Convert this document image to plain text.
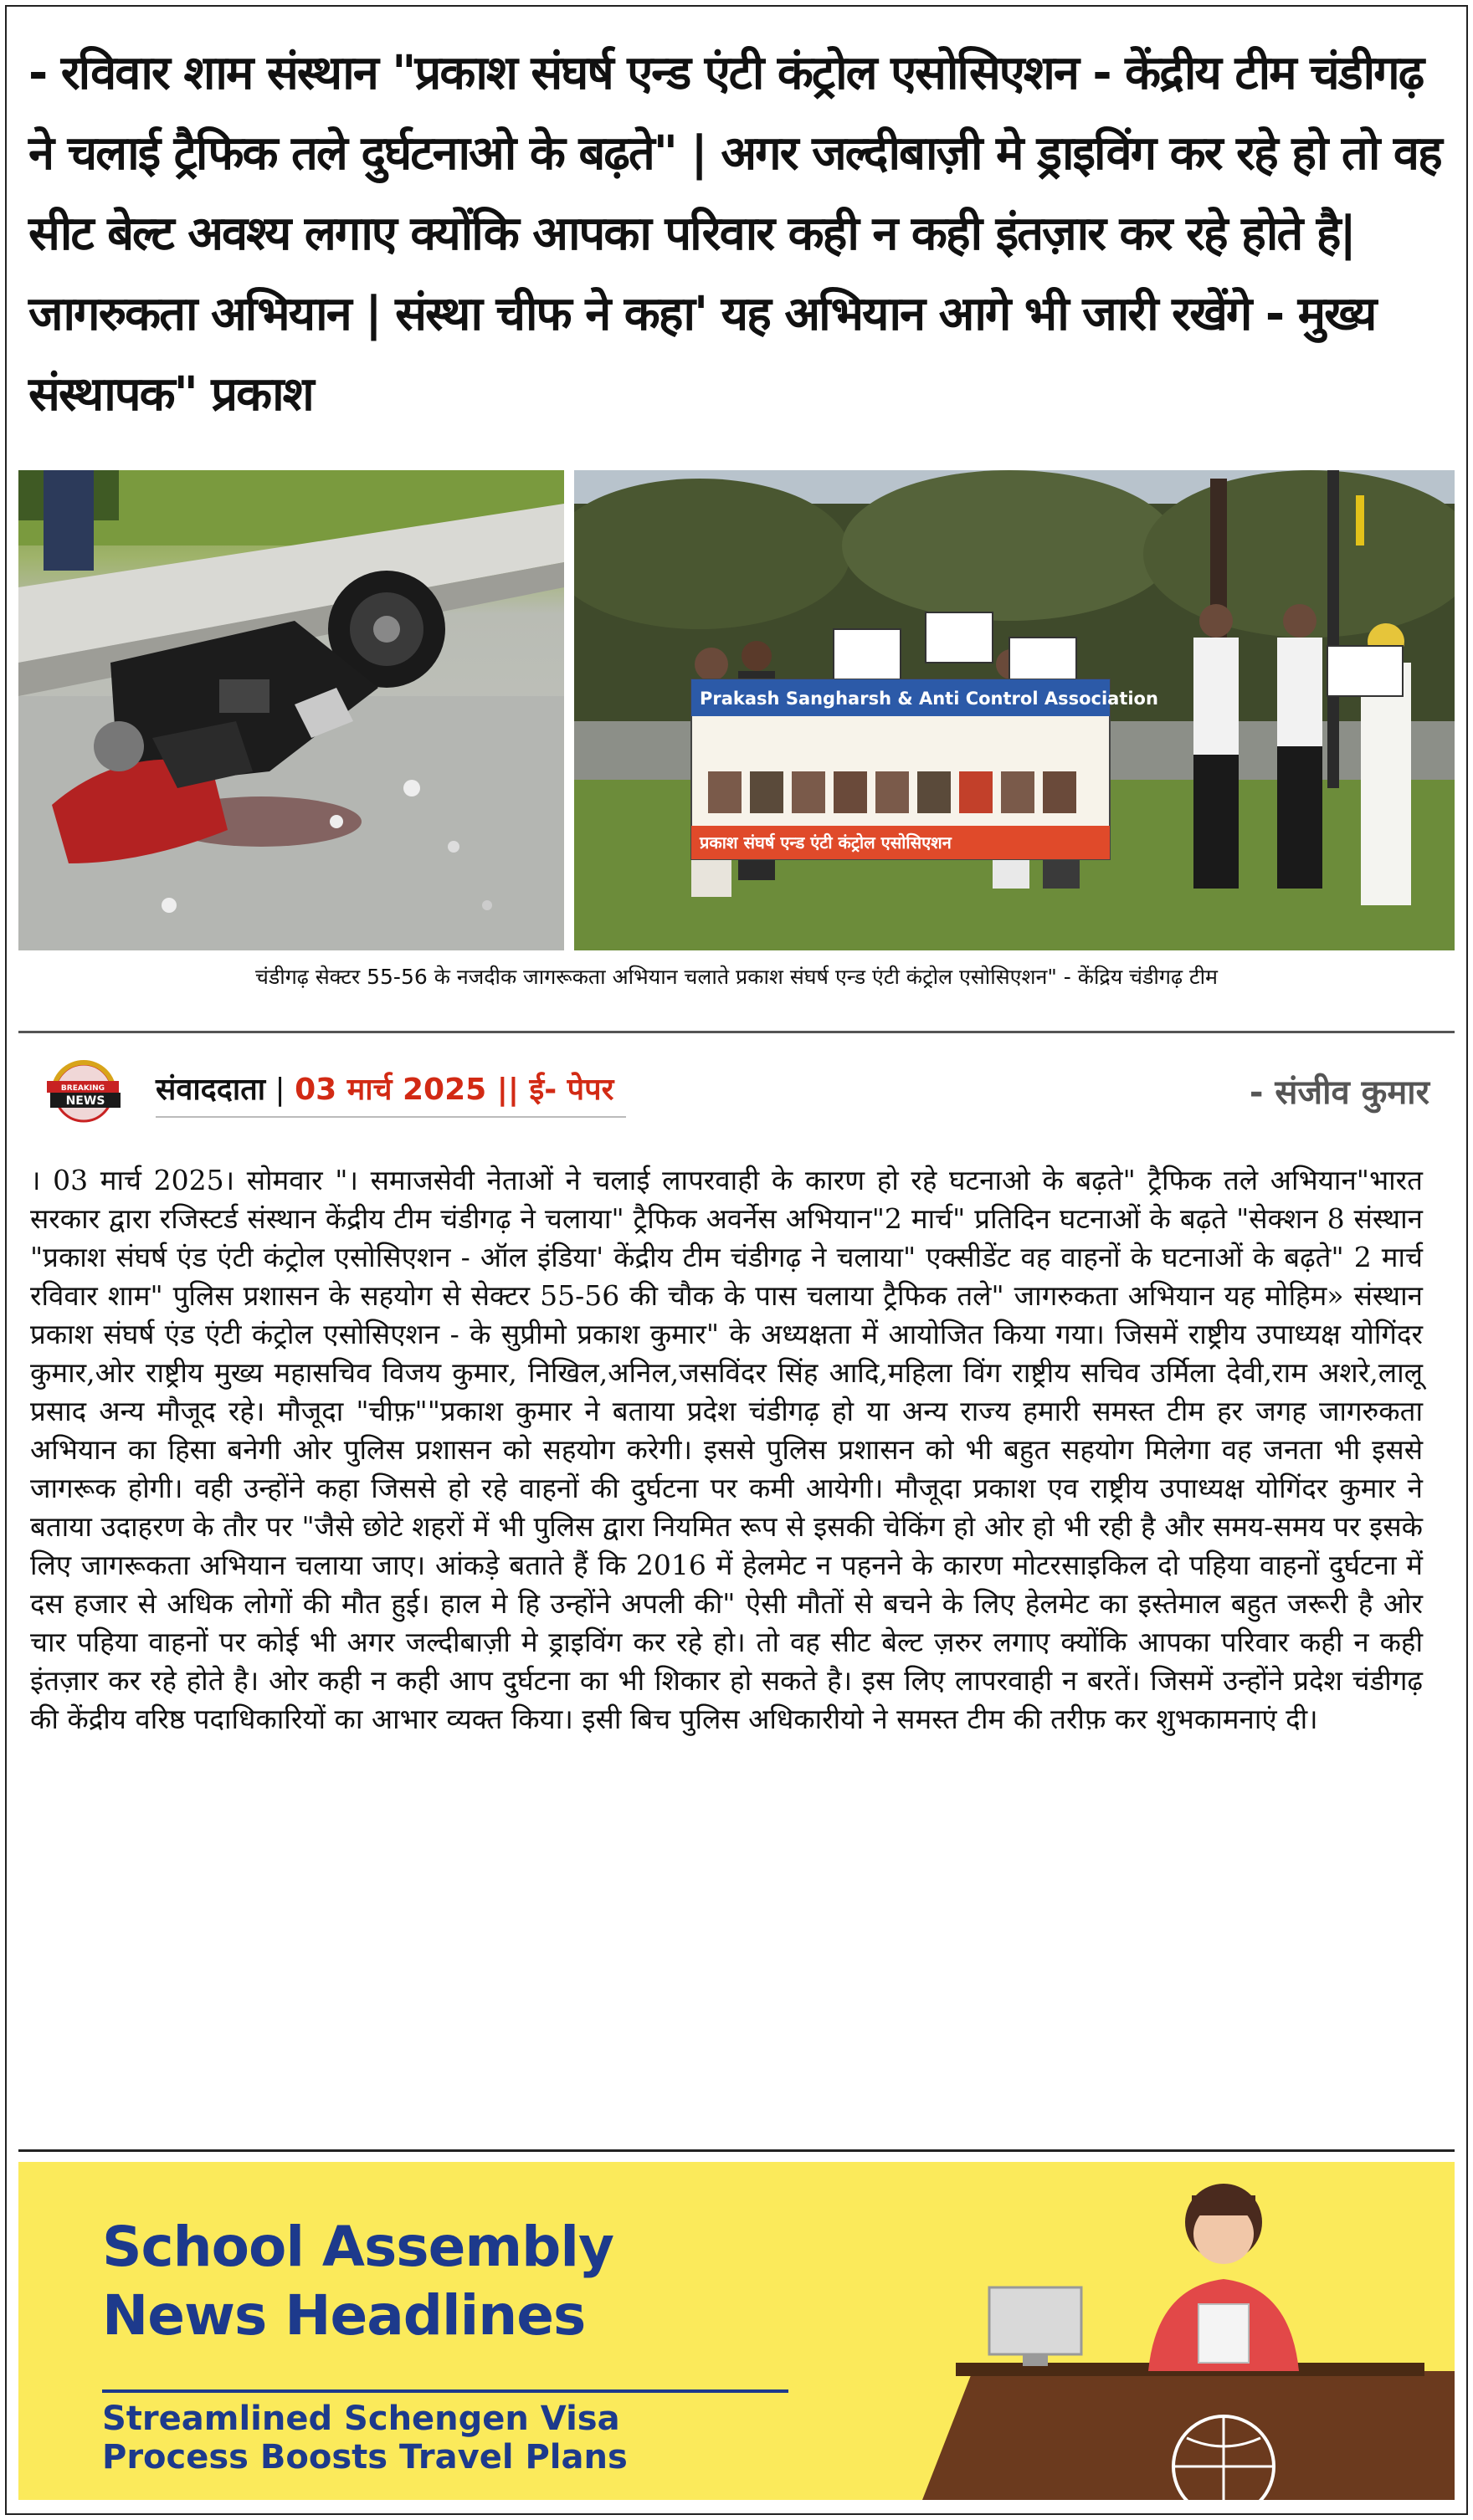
- रविवार शाम संस्थान "प्रकाश संघर्ष एन्ड एंटी कंट्रोल एसोसिएशन - केंद्रीय टीम चंडीगढ़ ने चलाई ट्रैफिक तले दुर्घटनाओ के बढ़ते" | अगर जल्दीबाज़ी मे ड्राइविंग कर रहे हो तो वह सीट बेल्ट अवश्य लगाए क्योंकि आपका परिवार कही न कही इंतज़ार कर रहे होते है| जागरुकता अभियान | संस्था चीफ ने कहा' यह अभियान आगे भी जारी रखेंगे - मुख्य संस्थापक" प्रकाश
Prakash Sangharsh & Anti Control Association
प्रकाश संघर्ष एन्ड एंटी कंट्रोल एसोसिएशन
चंडीगढ़ सेक्टर 55-56 के नजदीक जागरूकता अभियान चलाते प्रकाश संघर्ष एन्ड एंटी कंट्रोल एसोसिएशन" - केंद्रिय चंडीगढ़ टीम
BREAKING
NEWS संवाददाता | 03 मार्च 2025 || ई- पेपर	- संजीव कुमार
। 03 मार्च 2025। सोमवार "। समाजसेवी नेताओं ने चलाई लापरवाही के कारण हो रहे घटनाओ के बढ़ते" ट्रैफिक तले अभियान"भारत सरकार द्वारा रजिस्टर्ड संस्थान केंद्रीय टीम चंडीगढ़ ने चलाया" ट्रैफिक अवर्नेस अभियान"2 मार्च" प्रतिदिन घटनाओं के बढ़ते "सेक्शन 8 संस्थान "प्रकाश संघर्ष एंड एंटी कंट्रोल एसोसिएशन - ऑल इंडिया' केंद्रीय टीम चंडीगढ़ ने चलाया" एक्सीडेंट वह वाहनों के घटनाओं के बढ़ते" 2 मार्च रविवार शाम" पुलिस प्रशासन के सहयोग से सेक्टर 55-56 की चौक के पास चलाया ट्रैफिक तले" जागरुकता अभियान यह मोहिम» संस्थान प्रकाश संघर्ष एंड एंटी कंट्रोल एसोसिएशन - के सुप्रीमो प्रकाश कुमार" के अध्यक्षता में आयोजित किया गया। जिसमें राष्ट्रीय उपाध्यक्ष योगिंदर कुमार,ओर राष्ट्रीय मुख्य महासचिव विजय कुमार, निखिल,अनिल,जसविंदर सिंह आदि,महिला विंग राष्ट्रीय सचिव उर्मिला देवी,राम अशरे,लालू प्रसाद अन्य मौजूद रहे। मौजूदा "चीफ़""प्रकाश कुमार ने बताया प्रदेश चंडीगढ़ हो या अन्य राज्य हमारी समस्त टीम हर जगह जागरुकता अभियान का हिसा बनेगी ओर पुलिस प्रशासन को सहयोग करेगी। इससे पुलिस प्रशासन को भी बहुत सहयोग मिलेगा वह जनता भी इससे जागरूक होगी। वही उन्होंने कहा जिससे हो रहे वाहनों की दुर्घटना पर कमी आयेगी। मौजूदा प्रकाश एव राष्ट्रीय उपाध्यक्ष योगिंदर कुमार ने बताया उदाहरण के तौर पर "जैसे छोटे शहरों में भी पुलिस द्वारा नियमित रूप से इसकी चेकिंग हो ओर हो भी रही है और समय-समय पर इसके लिए जागरूकता अभियान चलाया जाए। आंकड़े बताते हैं कि 2016 में हेलमेट न पहनने के कारण मोटरसाइकिल दो पहिया वाहनों दुर्घटना में दस हजार से अधिक लोगों की मौत हुई। हाल मे हि उन्होंने अपली की" ऐसी मौतों से बचने के लिए हेलमेट का इस्तेमाल बहुत जरूरी है ओर चार पहिया वाहनों पर कोई भी अगर जल्दीबाज़ी मे ड्राइविंग कर रहे हो। तो वह सीट बेल्ट ज़रुर लगाए क्योंकि आपका परिवार कही न कही इंतज़ार कर रहे होते है। ओर कही न कही आप दुर्घटना का भी शिकार हो सकते है। इस लिए लापरवाही न बरतें। जिसमें उन्होंने प्रदेश चंडीगढ़ की केंद्रीय वरिष्ठ पदाधिकारियों का आभार व्यक्त किया। इसी बिच पुलिस अधिकारीयो ने समस्त टीम की तरीफ़ कर शुभकामनाएं दी।
School Assembly
News Headlines
Streamlined Schengen Visa
Process Boosts Travel Plans
